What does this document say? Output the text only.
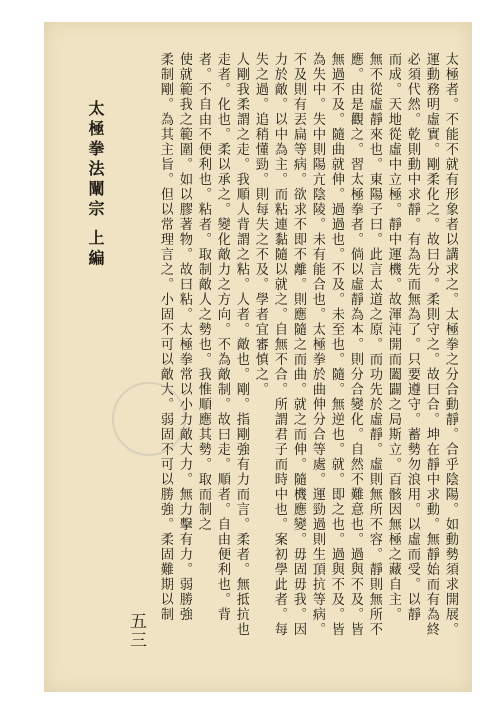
太極者。不能不就有形象者以講求之。太極拳之分合動靜。合乎陰陽。如動勢須求開展。
運動務明虛實。剛柔化之。故曰分。柔則守之。故曰合。坤在靜中求動。無靜始而有為終
必須代然。乾則動中求靜。有為先而無為了。只要遵守。蓄勢勿浪用。以虛而受。以靜
而成。天地從虛中立極。靜中運機。故渾沌開而闔闢之局斯立。百骸因無極之藏自主。
無不從虛靜來也。東陽子曰。此言太道之原。而功先於虛靜。虛則無所不容。靜則無所不
應。由是觀之。習太極拳者。倘以虛靜為本。則分合變化。自然不難意也。過與不及。皆
無過不及。隨曲就伸。過過也。不及。未至也。隨。無逆也。就。即之也。過與不及。皆
為失中。失中則陽亢陰陵。未有能合也。太極拳於曲伸分合等處。運勁過則生頂抗等病。
不及則有丟扁等病。欲求不即不離。則應隨之而曲。就之而伸。隨機應變。毋固毋我。因
力於敵。以中為主。而粘連黏隨以就之。自無不合。所謂君子而時中也。案初學此者。每
失之過。追稍懂勁。則每失之不及。學者宜審慎之。
人剛我柔謂之走。我順人背謂之粘。人者。敵也。剛。指剛強有力而言。柔者。無抵抗也
走者。化也。柔以承之。變化敵力之方向。不為敵制。故曰走。順者。自由便利也。背
者。不自由不便利也。粘者。取制敵人之勢也。我惟順應其勢。取而制之
使就範我之範圍。如以膠著物。故曰粘。太極拳常以小力敵大力。無力擊有力。弱勝強
柔制剛。為其主旨。但以常理言之。小固不可以敵大。弱固不可以勝強。柔固難期以制
五三
太極拳法闡宗 上編
